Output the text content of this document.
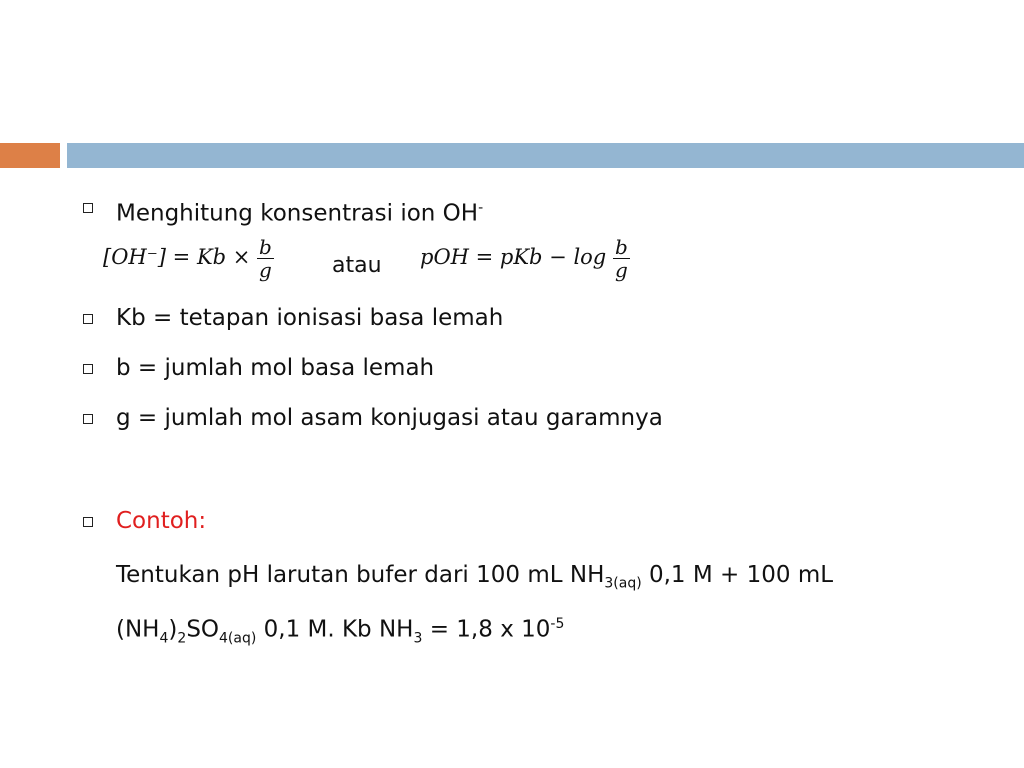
Menghitung konsentrasi ion OH-
$[OH^-] = Kb \times \frac{b}{g}$	atau pOH = pKb − $\log \frac{b}{g}$
Kb = tetapan ionisasi basa lemah
b = jumlah mol basa lemah
g = jumlah mol asam konjugasi atau garamnya
Contoh:
Tentukan pH larutan bufer dari 100 mL $NH_{3(aq)}$ 0,1 M + 100 mL $(NH_4)_2SO_{4(aq)}$ 0,1 M. Kb $NH_3 = 1,8$ x $10^{-5}$
